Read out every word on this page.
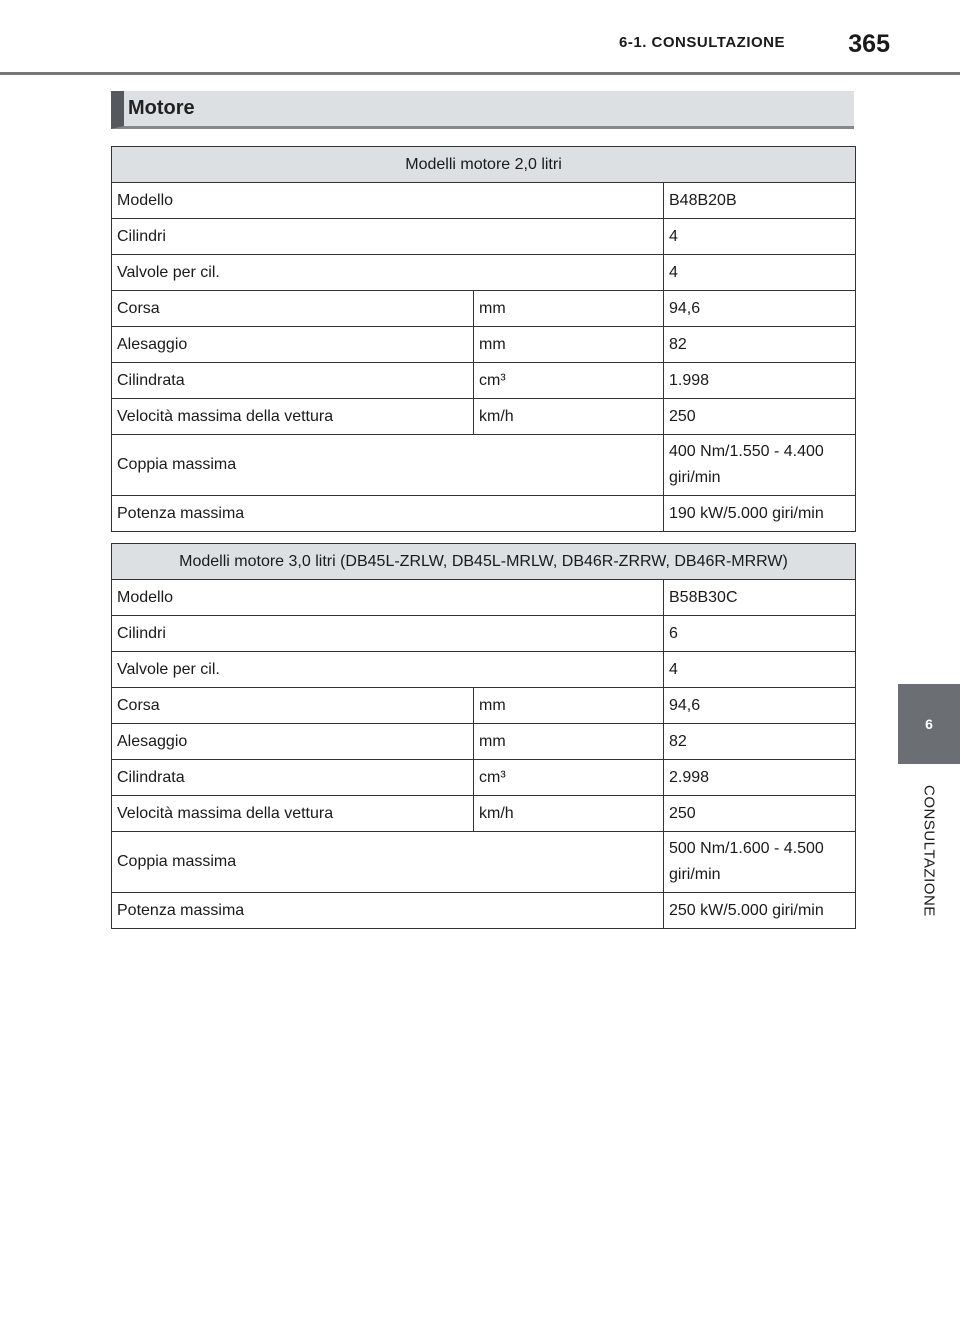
6-1. CONSULTAZIONE	365
6
CONSULTAZIONE
Motore
Modelli motore 2,0 litri		
Modello		B48B20B
Cilindri		4
Valvole per cil.		4
Corsa	mm	94,6
Alesaggio	mm	82
Cilindrata	cm³	1.998
Velocità massima della vettura	km/h	250
Coppia massima		400 Nm/1.550 - 4.400 giri/min
Potenza massima		190 kW/5.000 giri/min
Modelli motore 3,0 litri (DB45L-ZRLW, DB45L-MRLW, DB46R-ZRRW, DB46R-MRRW)		
Modello		B58B30C
Cilindri		6
Valvole per cil.		4
Corsa	mm	94,6
Alesaggio	mm	82
Cilindrata	cm³	2.998
Velocità massima della vettura	km/h	250
Coppia massima		500 Nm/1.600 - 4.500 giri/min
Potenza massima		250 kW/5.000 giri/min
